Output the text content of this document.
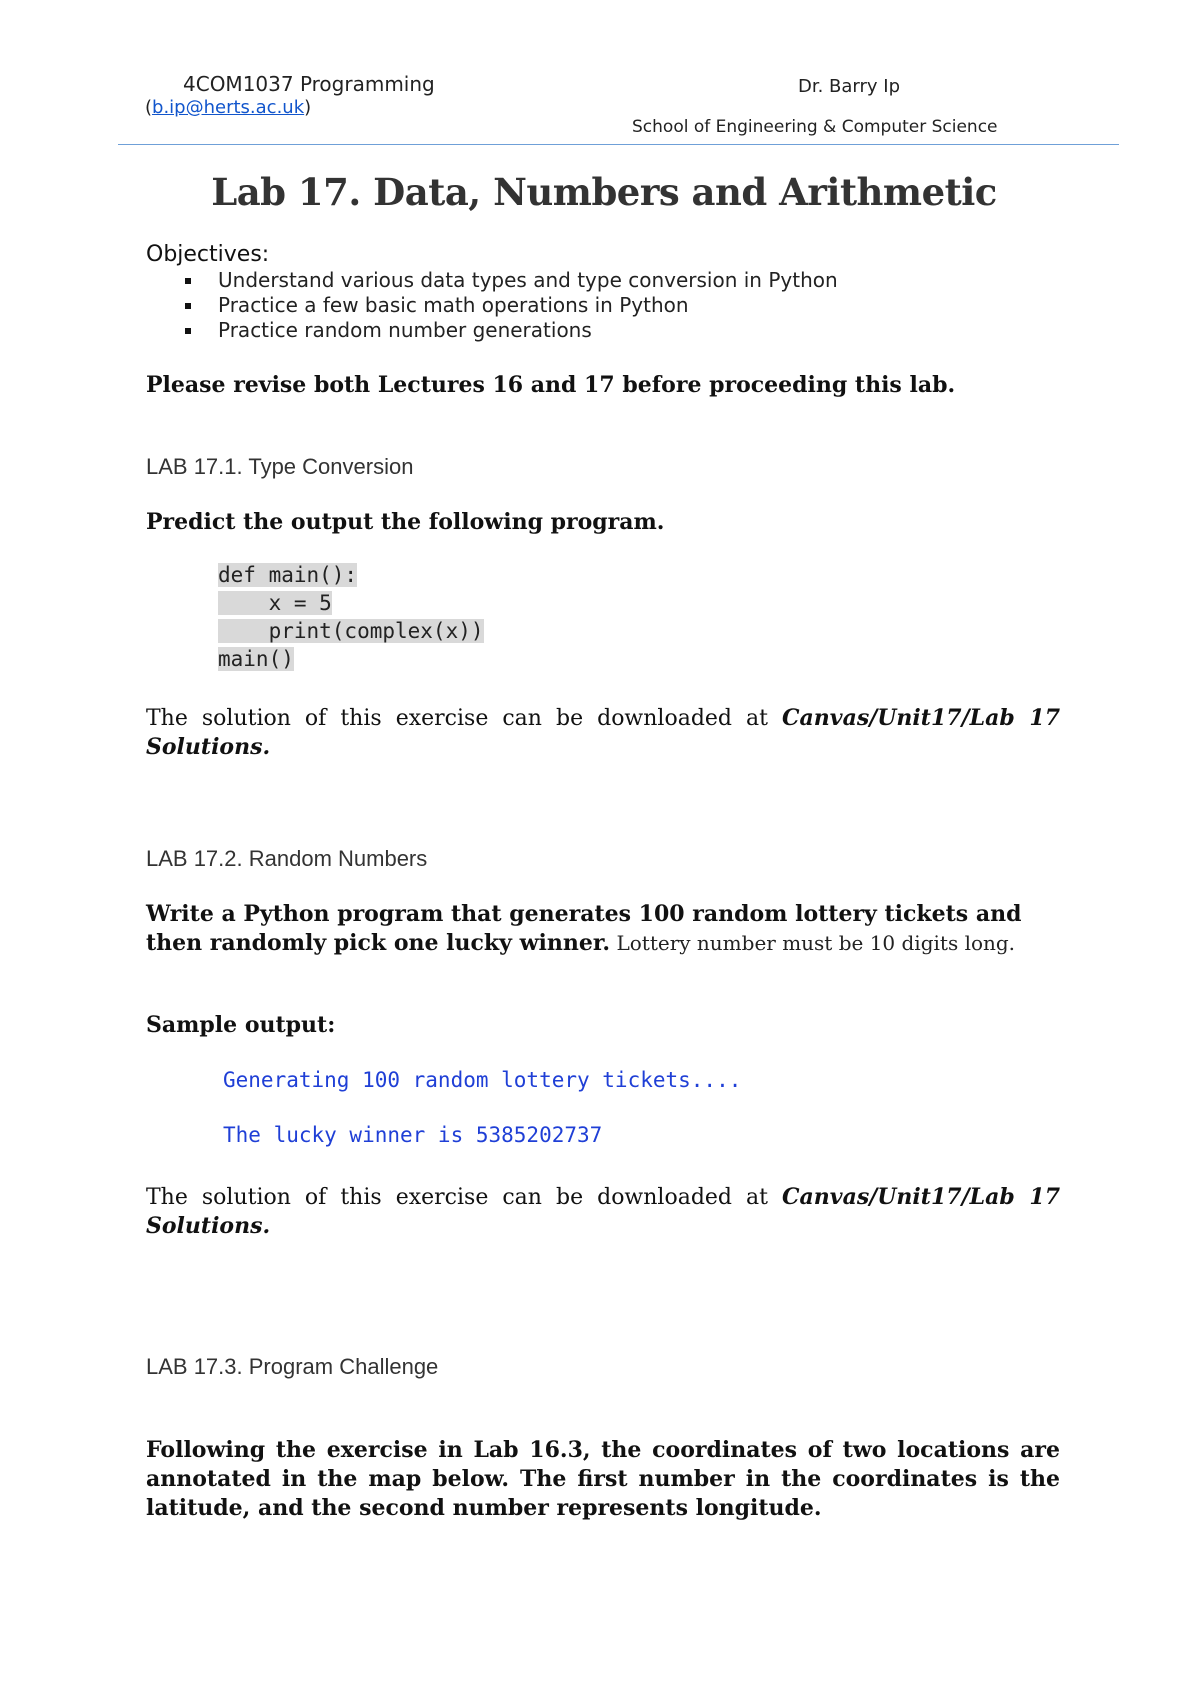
4COM1037 Programming
(b.ip@herts.ac.uk)
Dr. Barry Ip
School of Engineering & Computer Science
Lab 17. Data, Numbers and Arithmetic
Objectives:
Understand various data types and type conversion in Python
Practice a few basic math operations in Python
Practice random number generations
Please revise both Lectures 16 and 17 before proceeding this lab.
LAB 17.1. Type Conversion
Predict the output the following program.
def main():
x = 5
print(complex(x))
main()
The solution of this exercise can be downloaded at Canvas/Unit17/Lab 17 Solutions.
LAB 17.2. Random Numbers
Write a Python program that generates 100 random lottery tickets and then randomly pick one lucky winner. Lottery number must be 10 digits long.
Sample output:
Generating 100 random lottery tickets....
The lucky winner is 5385202737
The solution of this exercise can be downloaded at Canvas/Unit17/Lab 17 Solutions.
LAB 17.3. Program Challenge
Following the exercise in Lab 16.3, the coordinates of two locations are annotated in the map below. The first number in the coordinates is the latitude, and the second number represents longitude.
